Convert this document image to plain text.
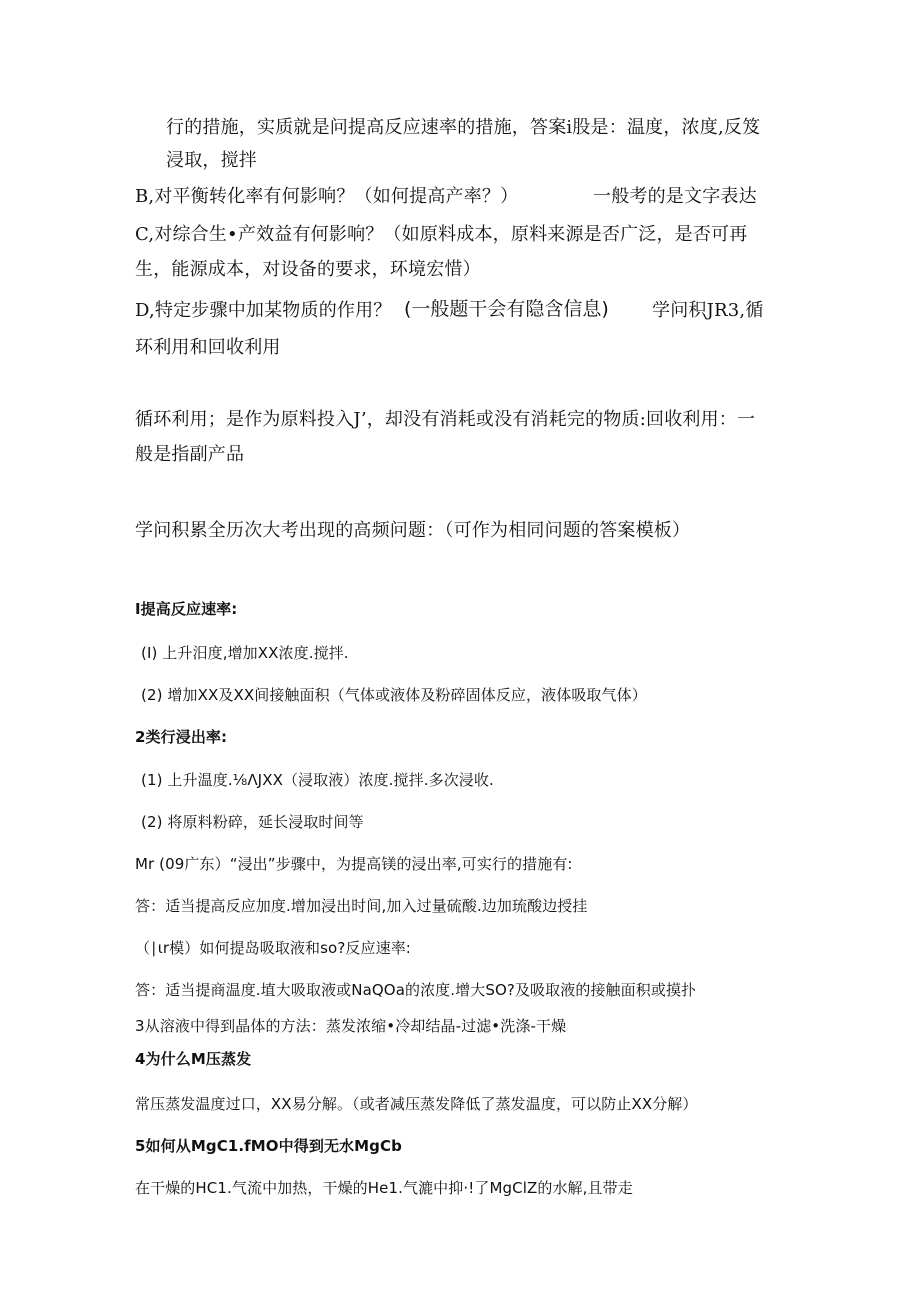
行的措施，实质就是问提高反应速率的措施，答案i股是：温度，浓度,反笈
浸取，搅拌
B,对平衡转化率有何影响？（如何提高产率？）	一般考的是文字表达
C,对综合生•产效益有何影响？（如原料成本，原料来源是否广泛，是否可再
生，能源成本，对设备的要求，环境宏惜）
D,特定步骤中加某物质的作用？ (一般题干会有隐含信息) 学问积JR3,循
环利用和回收利用
循环利用；是作为原料投入J’，却没有消耗或没有消耗完的物质:回收利用：一
般是指副产品
学问积累全历次大考出现的高频问题：（可作为相同问题的答案模板）
I提高反应速率:
(I) 上升汨度,增加XX浓度.搅拌.
(2) 增加XX及XX间接触面积（气体或液体及粉碎固体反应，液体吸取气体）
2类行浸出率:
(1) 上升温度.⅛ΛJXX（浸取液）浓度.搅拌.多次浸收.
(2) 将原料粉碎，延长浸取时间等
Mr (09广东）“浸出”步骤中，为提高镁的浸出率,可实行的措施有:
答：适当提高反应加度.增加浸出时间,加入过量硫酸.边加琉酸边授挂
（∣ιr模）如何提岛吸取液和so?反应速率:
答：适当提商温度.埴大吸取液或NaQOa的浓度.增大SO?及吸取液的接触面积或摸扑
3从溶液中得到晶体的方法：蒸发浓缩•冷却结晶-过滤•洗涤-干燥
4为什么M压蒸发
常压蒸发温度过口，XX易分解。（或者减压蒸发降低了蒸发温度，可以防止XX分解）
5如何从MgC1.fMO中得到无水MgCb
在干燥的HC1.气流中加热，干燥的He1.气漉中抑·!了MgClZ的水解,且带走
